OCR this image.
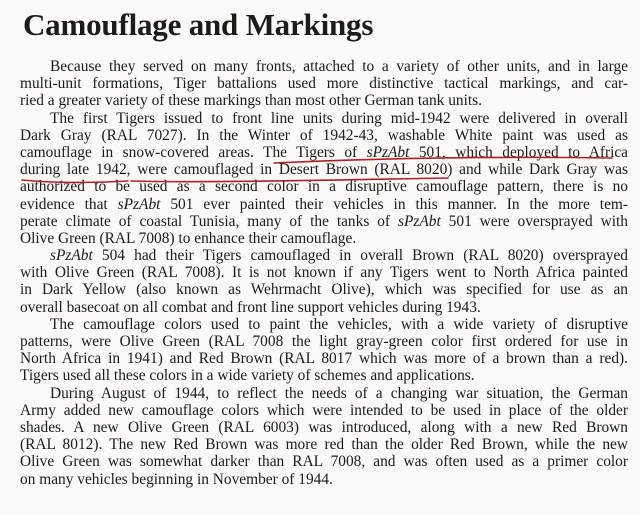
Camouflage and Markings
Because they served on many fronts, attached to a variety of other units, and in large
multi-unit formations, Tiger battalions used more distinctive tactical markings, and car-
ried a greater variety of these markings than most other German tank units.
The first Tigers issued to front line units during mid-1942 were delivered in overall
Dark Gray (RAL 7027). In the Winter of 1942-43, washable White paint was used as
camouflage in snow-covered areas. The Tigers of sPzAbt 501, which deployed to Africa
during late 1942, were camouflaged in Desert Brown (RAL 8020) and while Dark Gray was
authorized to be used as a second color in a disruptive camouflage pattern, there is no
evidence that sPzAbt 501 ever painted their vehicles in this manner. In the more tem-
perate climate of coastal Tunisia, many of the tanks of sPzAbt 501 were oversprayed with
Olive Green (RAL 7008) to enhance their camouflage.
sPzAbt 504 had their Tigers camouflaged in overall Brown (RAL 8020) oversprayed
with Olive Green (RAL 7008). It is not known if any Tigers went to North Africa painted
in Dark Yellow (also known as Wehrmacht Olive), which was specified for use as an
overall basecoat on all combat and front line support vehicles during 1943.
The camouflage colors used to paint the vehicles, with a wide variety of disruptive
patterns, were Olive Green (RAL 7008 the light gray-green color first ordered for use in
North Africa in 1941) and Red Brown (RAL 8017 which was more of a brown than a red).
Tigers used all these colors in a wide variety of schemes and applications.
During August of 1944, to reflect the needs of a changing war situation, the German
Army added new camouflage colors which were intended to be used in place of the older
shades. A new Olive Green (RAL 6003) was introduced, along with a new Red Brown
(RAL 8012). The new Red Brown was more red than the older Red Brown, while the new
Olive Green was somewhat darker than RAL 7008, and was often used as a primer color
on many vehicles beginning in November of 1944.
